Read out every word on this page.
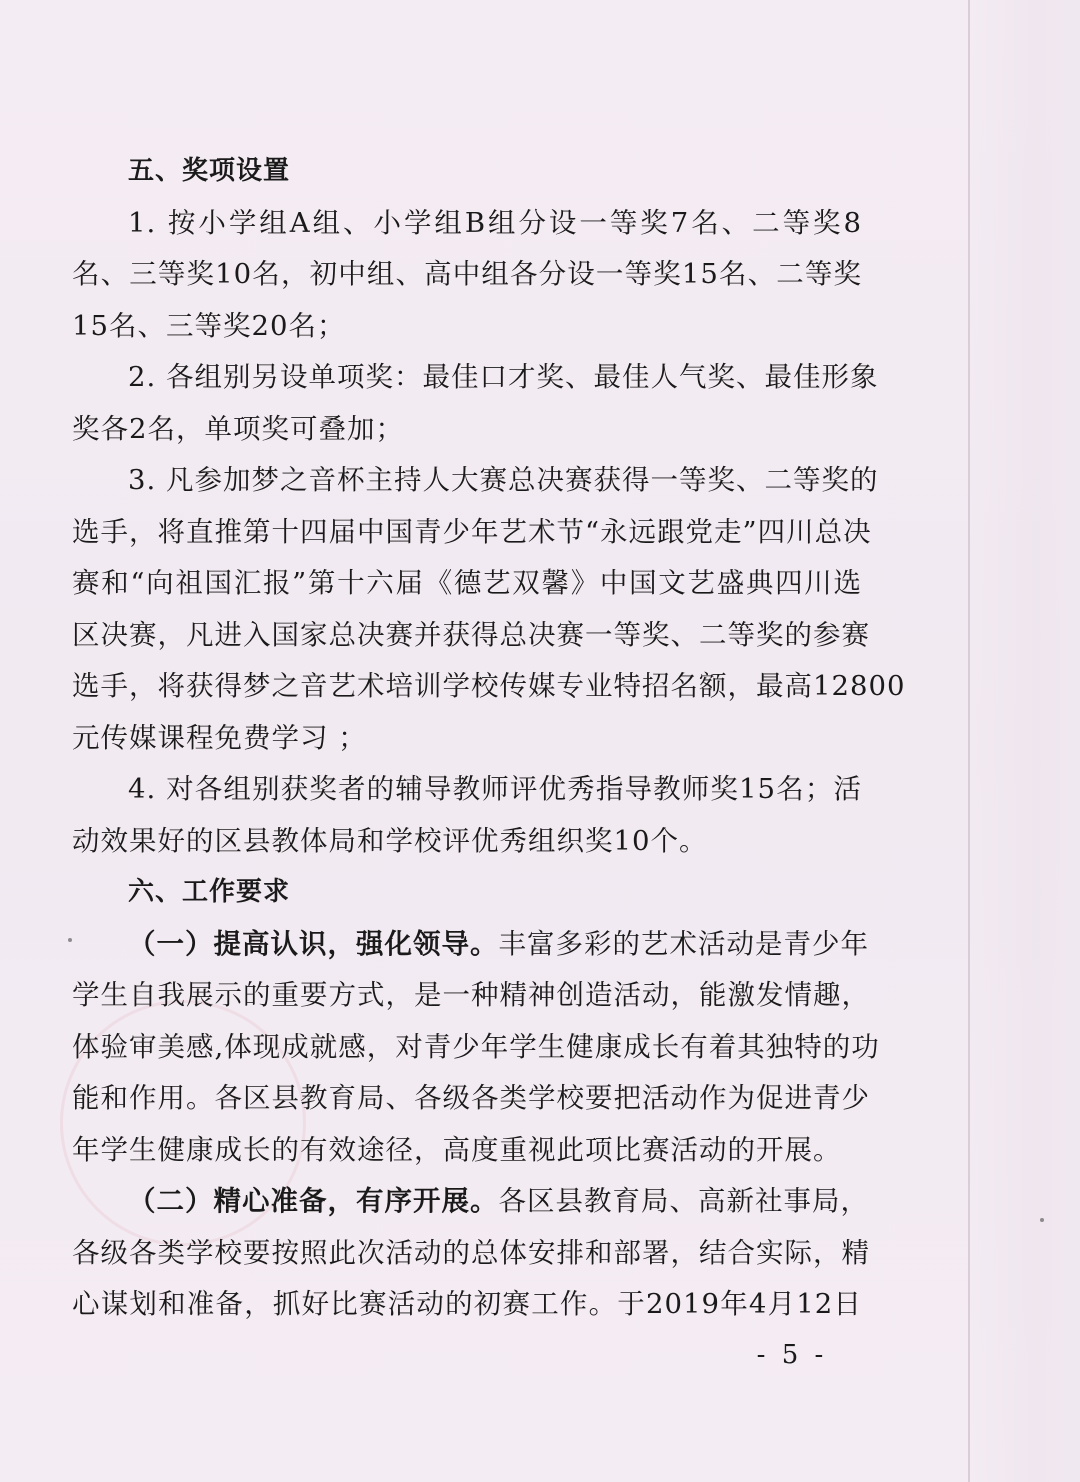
五、奖项设置
1. 按小学组A组、小学组B组分设一等奖7名、二等奖8
名、三等奖10名，初中组、高中组各分设一等奖15名、二等奖
15名、三等奖20名；
2. 各组别另设单项奖：最佳口才奖、最佳人气奖、最佳形象
奖各2名，单项奖可叠加；
3. 凡参加梦之音杯主持人大赛总决赛获得一等奖、二等奖的
选手，将直推第十四届中国青少年艺术节“永远跟党走”四川总决
赛和“向祖国汇报”第十六届《德艺双馨》中国文艺盛典四川选
区决赛，凡进入国家总决赛并获得总决赛一等奖、二等奖的参赛
选手，将获得梦之音艺术培训学校传媒专业特招名额，最高12800
元传媒课程免费学习 ；
4. 对各组别获奖者的辅导教师评优秀指导教师奖15名；活
动效果好的区县教体局和学校评优秀组织奖10个。
六、工作要求
（一）提高认识，强化领导。丰富多彩的艺术活动是青少年
学生自我展示的重要方式，是一种精神创造活动，能激发情趣，
体验审美感,体现成就感，对青少年学生健康成长有着其独特的功
能和作用。各区县教育局、各级各类学校要把活动作为促进青少
年学生健康成长的有效途径，高度重视此项比赛活动的开展。
（二）精心准备，有序开展。各区县教育局、高新社事局，
各级各类学校要按照此次活动的总体安排和部署，结合实际，精
心谋划和准备，抓好比赛活动的初赛工作。于2019年4月12日
- 5 -
